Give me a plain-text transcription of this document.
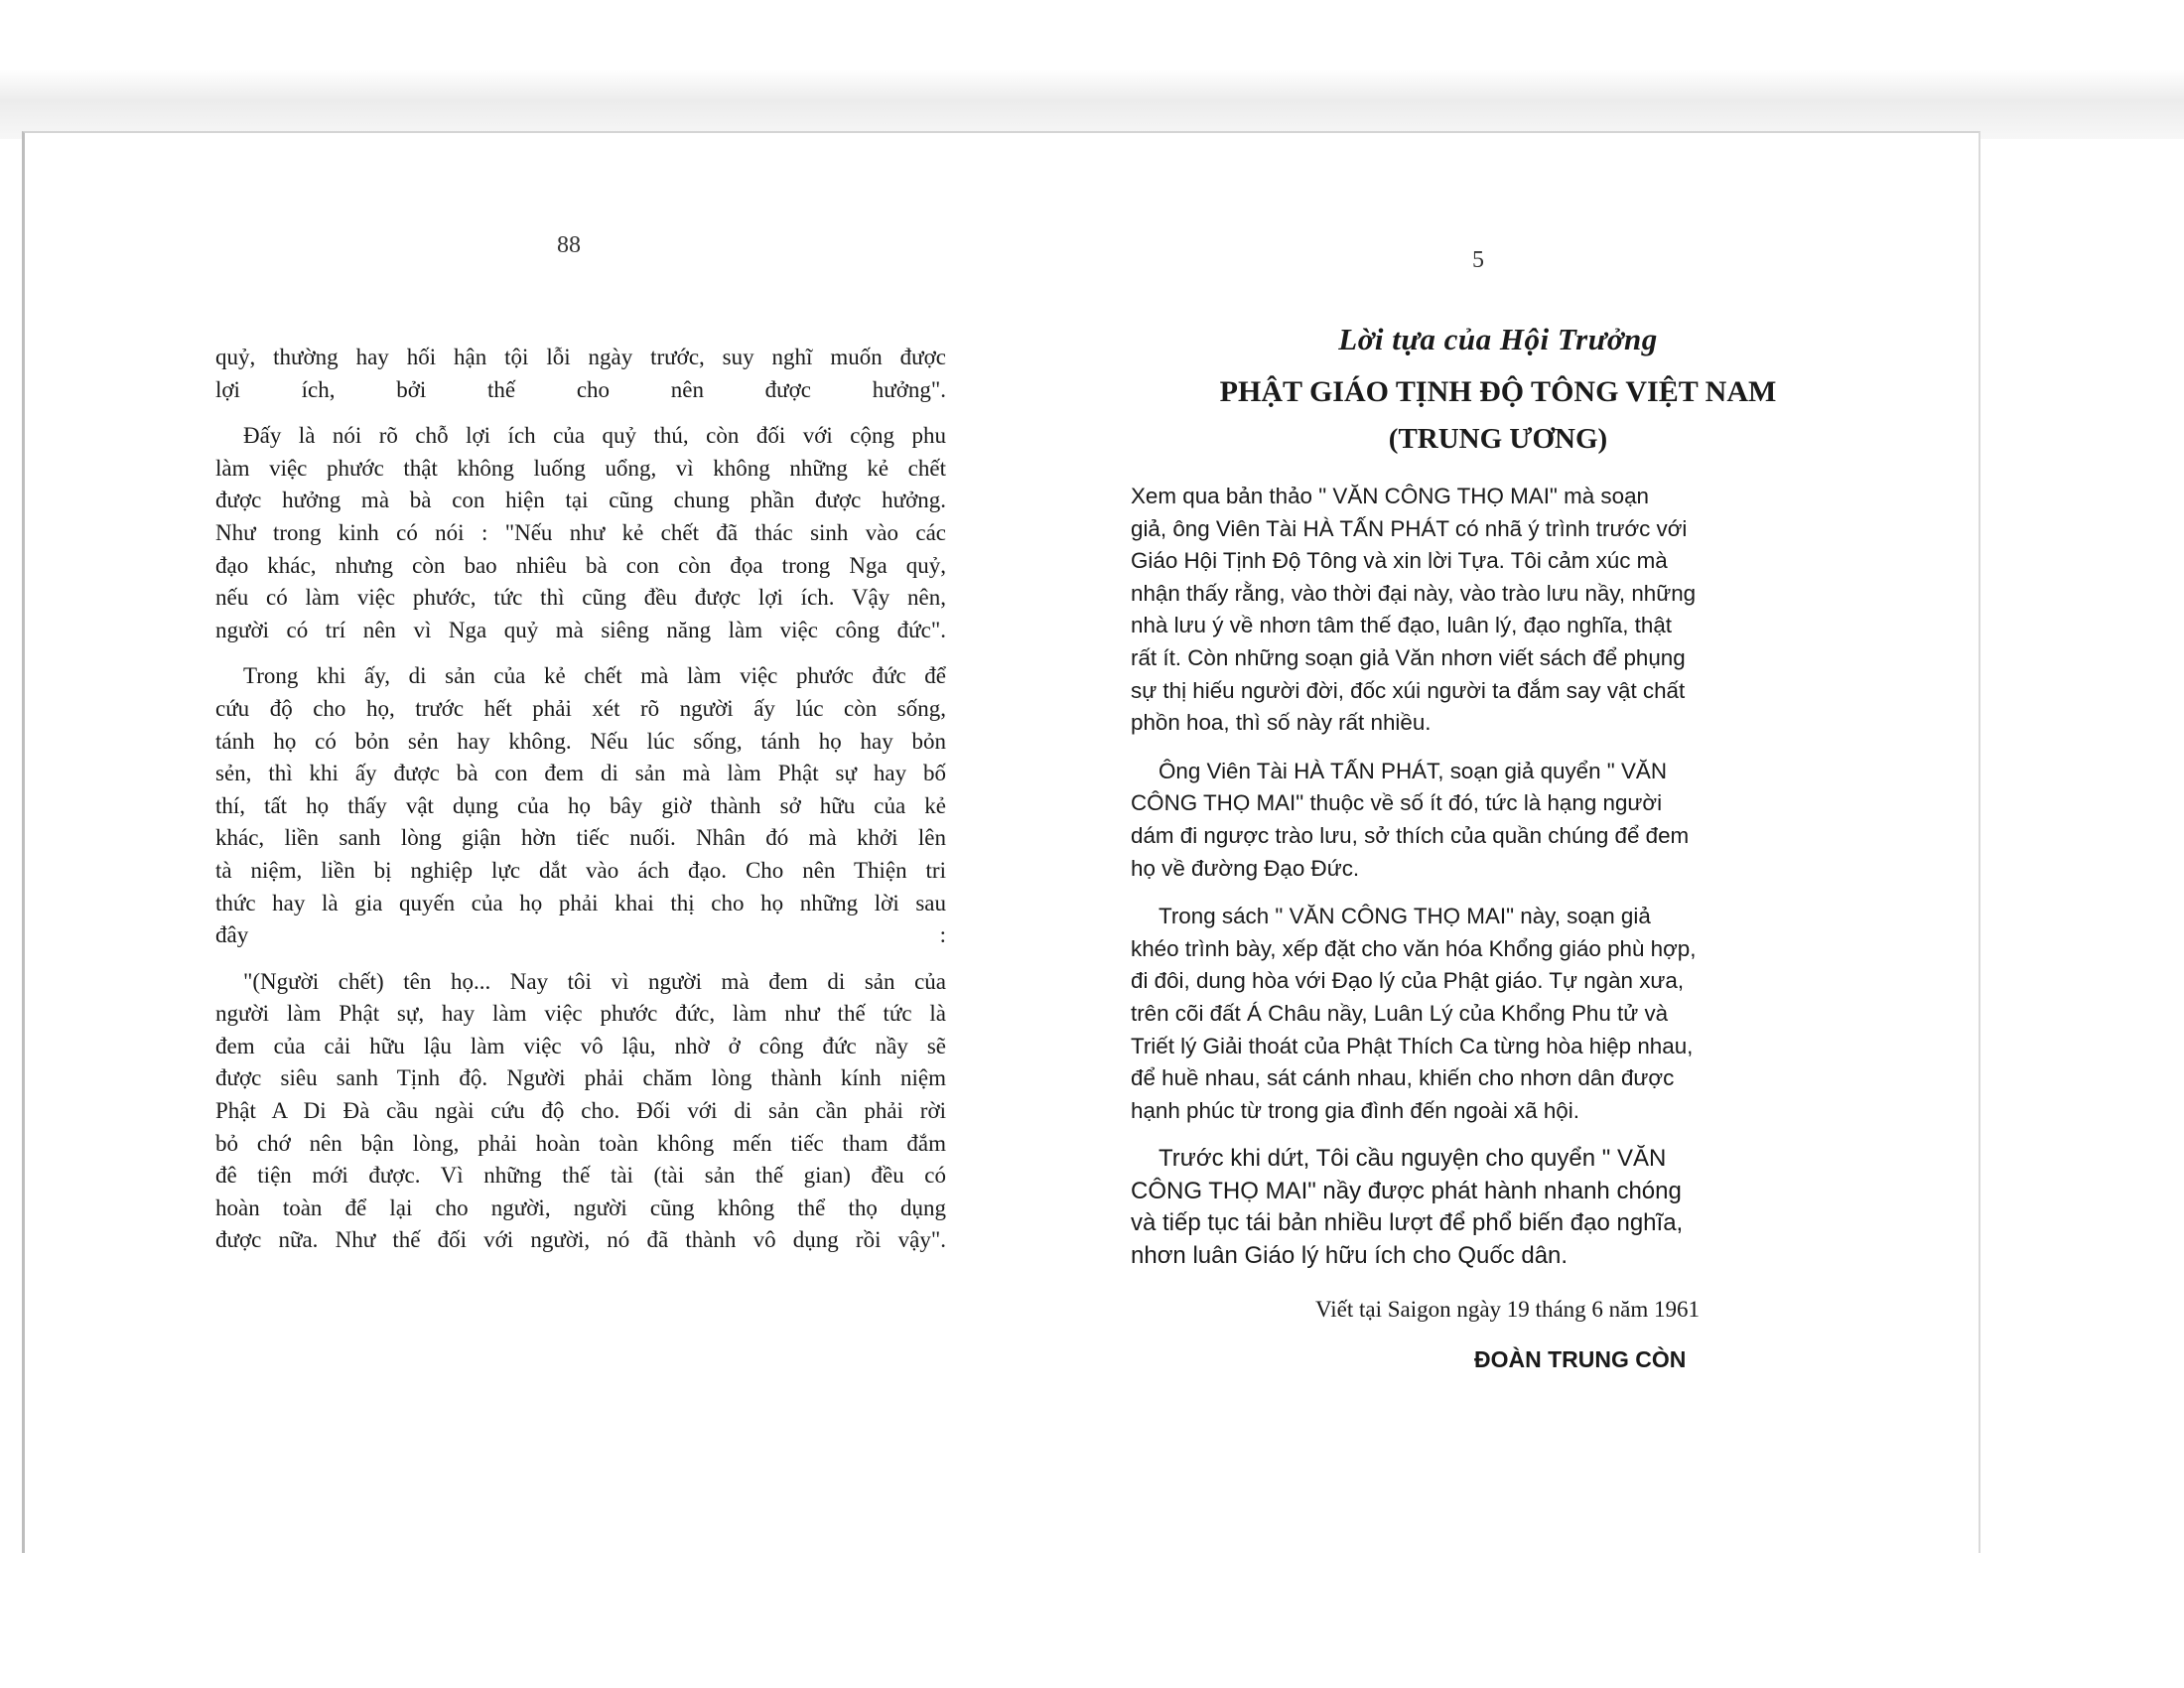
88

quỷ, thường hay hối hận tội lỗi ngày trước, suy nghĩ muốn được
lợi ích, bởi thế cho nên được hưởng".

Đấy là nói rõ chỗ lợi ích của quỷ thú, còn đối với cộng phu
làm việc phước thật không luống uổng, vì không những kẻ chết
được hưởng mà bà con hiện tại cũng chung phần được hưởng.
Như trong kinh có nói : "Nếu như kẻ chết đã thác sinh vào các
đạo khác, nhưng còn bao nhiêu bà con còn đọa trong Nga quỷ,
nếu có làm việc phước, tức thì cũng đều được lợi ích. Vậy nên,
người có trí nên vì Nga quỷ mà siêng năng làm việc công đức".

Trong khi ấy, di sản của kẻ chết mà làm việc phước đức để
cứu độ cho họ, trước hết phải xét rõ người ấy lúc còn sống,
tánh họ có bỏn sẻn hay không. Nếu lúc sống, tánh họ hay bỏn
sẻn, thì khi ấy được bà con đem di sản mà làm Phật sự hay bố
thí, tất họ thấy vật dụng của họ bây giờ thành sở hữu của kẻ
khác, liền sanh lòng giận hờn tiếc nuối. Nhân đó mà khởi lên
tà niệm, liền bị nghiệp lực dắt vào ách đạo. Cho nên Thiện tri
thức hay là gia quyến của họ phải khai thị cho họ những lời sau
đây :

"(Người chết) tên họ... Nay tôi vì người mà đem di sản của
người làm Phật sự, hay làm việc phước đức, làm như thế tức là
đem của cải hữu lậu làm việc vô lậu, nhờ ở công đức nầy sẽ
được siêu sanh Tịnh độ. Người phải chăm lòng thành kính niệm
Phật A Di Đà cầu ngài cứu độ cho. Đối với di sản cần phải rời
bỏ chớ nên bận lòng, phải hoàn toàn không mến tiếc tham đắm
đê tiện mới được. Vì những thế tài (tài sản thế gian) đều có
hoàn toàn để lại cho người, người cũng không thể thọ dụng
được nữa. Như thế đối với người, nó đã thành vô dụng rồi vậy".

5
Lời tựa của Hội Trưởng
PHẬT GIÁO TỊNH ĐỘ TÔNG VIỆT NAM
(TRUNG ƯƠNG)

Xem qua bản thảo " VĂN CÔNG THỌ MAI" mà soạn
giả, ông Viên Tài HÀ TẤN PHÁT có nhã ý trình trước với
Giáo Hội Tịnh Độ Tông và xin lời Tựa. Tôi cảm xúc mà
nhận thấy rằng, vào thời đại này, vào trào lưu nầy, những
nhà lưu ý về nhơn tâm thế đạo, luân lý, đạo nghĩa, thật
rất ít. Còn những soạn giả Văn nhơn viết sách để phụng
sự thị hiếu người đời, đốc xúi người ta đắm say vật chất
phồn hoa, thì số này rất nhiều.

Ông Viên Tài HÀ TẤN PHÁT, soạn giả quyển " VĂN
CÔNG THỌ MAI" thuộc về số ít đó, tức là hạng người
dám đi ngược trào lưu, sở thích của quần chúng để đem
họ về đường Đạo Đức.

Trong sách " VĂN CÔNG THỌ MAI" này, soạn giả
khéo trình bày, xếp đặt cho văn hóa Khổng giáo phù hợp,
đi đôi, dung hòa với Đạo lý của Phật giáo. Tự ngàn xưa,
trên cõi đất Á Châu nầy, Luân Lý của Khổng Phu tử và
Triết lý Giải thoát của Phật Thích Ca từng hòa hiệp nhau,
để huề nhau, sát cánh nhau, khiến cho nhơn dân được
hạnh phúc từ trong gia đình đến ngoài xã hội.

Trước khi dứt, Tôi cầu nguyện cho quyển " VĂN
CÔNG THỌ MAI" nầy được phát hành nhanh chóng
và tiếp tục tái bản nhiều lượt để phổ biến đạo nghĩa,
nhơn luân Giáo lý hữu ích cho Quốc dân.

Viết tại Saigon ngày 19 tháng 6 năm 1961
ĐOÀN TRUNG CÒN
